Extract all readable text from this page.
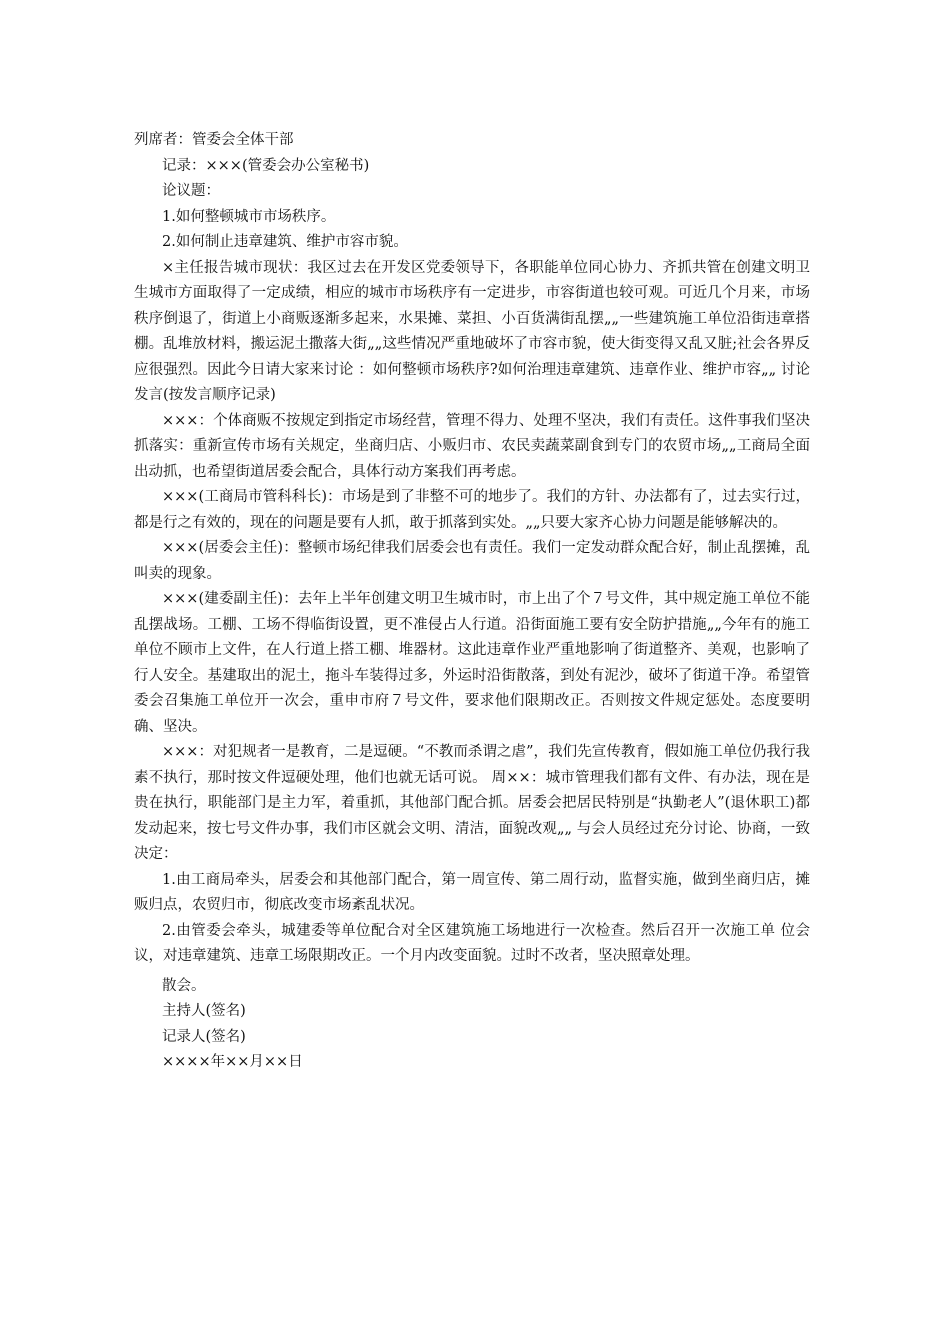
列席者：管委会全体干部

记录：×××(管委会办公室秘书)

论议题：

1.如何整顿城市市场秩序。

2.如何制止违章建筑、维护市容市貌。

×主任报告城市现状：我区过去在开发区党委领导下，各职能单位同心协力、齐抓共管在创建文明卫生城市方面取得了一定成绩，相应的城市市场秩序有一定进步，市容街道也较可观。可近几个月来，市场秩序倒退了，街道上小商贩逐渐多起来，水果摊、菜担、小百货满街乱摆„„一些建筑施工单位沿街违章搭棚。乱堆放材料，搬运泥土撒落大街„„这些情况严重地破坏了市容市貌，使大街变得又乱又脏;社会各界反应很强烈。因此今日请大家来讨论 ：如何整顿市场秩序?如何治理违章建筑、违章作业、维护市容„„ 讨论发言(按发言顺序记录)

×××：个体商贩不按规定到指定市场经营，管理不得力、处理不坚决，我们有责任。这件事我们坚决抓落实：重新宣传市场有关规定，坐商归店、小贩归市、农民卖蔬菜副食到专门的农贸市场„„工商局全面出动抓，也希望街道居委会配合，具体行动方案我们再考虑。

×××(工商局市管科科长)：市场是到了非整不可的地步了。我们的方针、办法都有了，过去实行过，都是行之有效的，现在的问题是要有人抓，敢于抓落到实处。„„只要大家齐心协力问题是能够解决的。

×××(居委会主任)：整顿市场纪律我们居委会也有责任。我们一定发动群众配合好，制止乱摆摊，乱叫卖的现象。

×××(建委副主任)：去年上半年创建文明卫生城市时，市上出了个７号文件，其中规定施工单位不能乱摆战场。工棚、工场不得临街设置，更不准侵占人行道。沿街面施工要有安全防护措施„„今年有的施工单位不顾市上文件，在人行道上搭工棚、堆器材。这此违章作业严重地影响了街道整齐、美观，也影响了行人安全。基建取出的泥土，拖斗车装得过多，外运时沿街散落，到处有泥沙，破坏了街道干净。希望管委会召集施工单位开一次会，重申市府７号文件，要求他们限期改正。否则按文件规定惩处。态度要明确、坚决。

×××：对犯规者一是教育，二是逗硬。“不教而杀谓之虐”，我们先宣传教育，假如施工单位仍我行我素不执行，那时按文件逗硬处理，他们也就无话可说。 周××：城市管理我们都有文件、有办法，现在是贵在执行，职能部门是主力军，着重抓，其他部门配合抓。居委会把居民特别是“执勤老人”(退休职工)都发动起来，按七号文件办事，我们市区就会文明、清洁，面貌改观„„ 与会人员经过充分讨论、协商，一致决定：

1.由工商局牵头，居委会和其他部门配合，第一周宣传、第二周行动，监督实施，做到坐商归店，摊贩归点，农贸归市，彻底改变市场紊乱状况。

2.由管委会牵头，城建委等单位配合对全区建筑施工场地进行一次检查。然后召开一次施工单 位会议，对违章建筑、违章工场限期改正。一个月内改变面貌。过时不改者，坚决照章处理。

散会。

主持人(签名)

记录人(签名)

××××年××月××日
